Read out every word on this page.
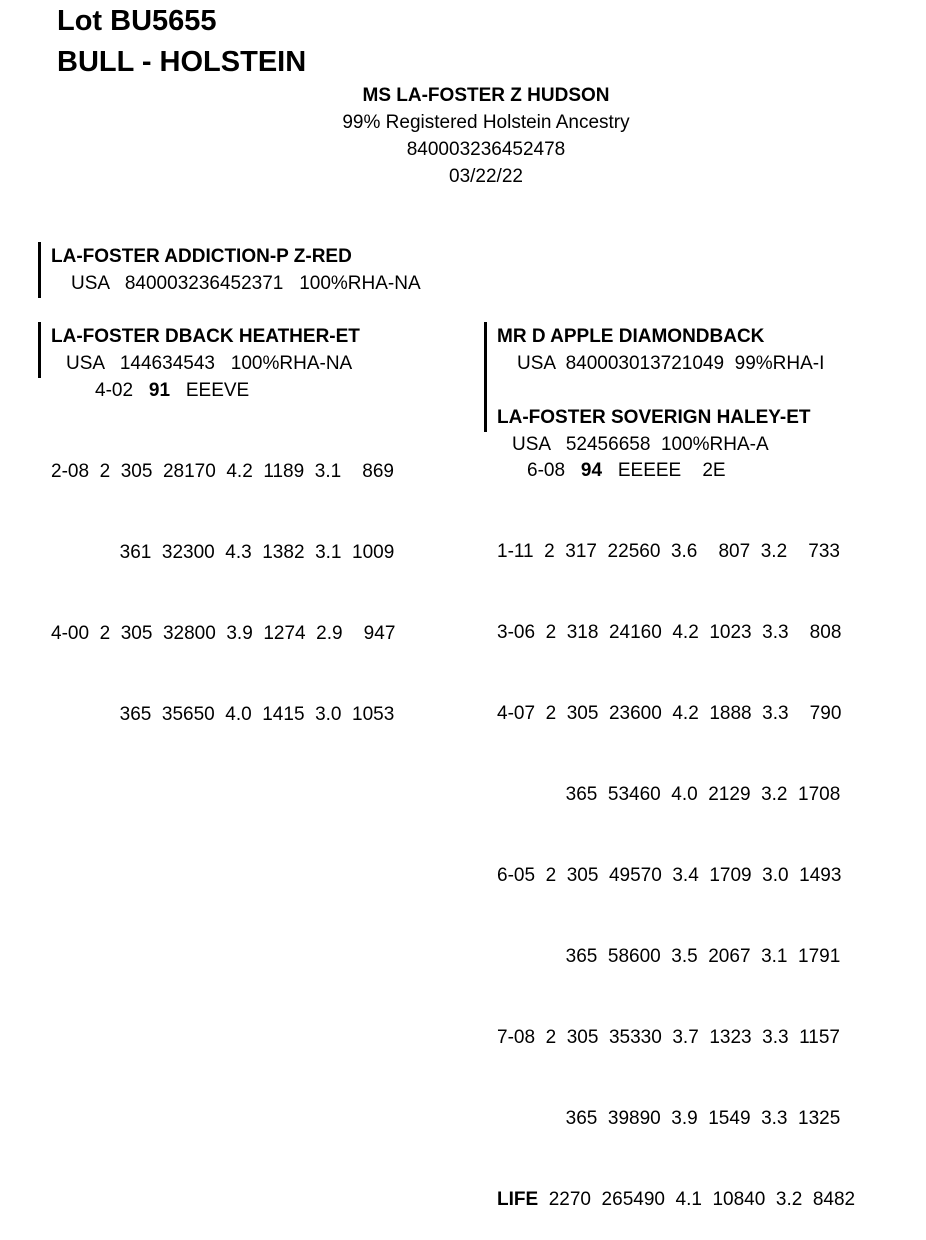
Lot BU5655
BULL - HOLSTEIN
MS LA-FOSTER Z HUDSON
99% Registered Holstein Ancestry
840003236452478
03/22/22
LA-FOSTER ADDICTION-P Z-RED
USA   840003236452371   100%RHA-NA
LA-FOSTER DBACK HEATHER-ET
USA   144634543   100%RHA-NA
4-02 91 EEEVE

2-08  2  305  28170  4.2  1189  3.1    869

361  32300  4.3  1382  3.1  1009

4-00  2  305  32800  3.9  1274  2.9    947

365  35650  4.0  1415  3.0  1053

MR D APPLE DIAMONDBACK
USA  840003013721049  99%RHA-I
LA-FOSTER SOVERIGN HALEY-ET
USA   52456658  100%RHA-A
6-08 94 EEEEE    2E

1-11  2  317  22560  3.6    807  3.2    733

3-06  2  318  24160  4.2  1023  3.3    808

4-07  2  305  23600  4.2  1888  3.3    790

365  53460  4.0  2129  3.2  1708

6-05  2  305  49570  3.4  1709  3.0  1493

365  58600  3.5  2067  3.1  1791

7-08  2  305  35330  3.7  1323  3.3  1157

365  39890  3.9  1549  3.3  1325

LIFE  2270  265490  4.1  10840  3.2  8482
